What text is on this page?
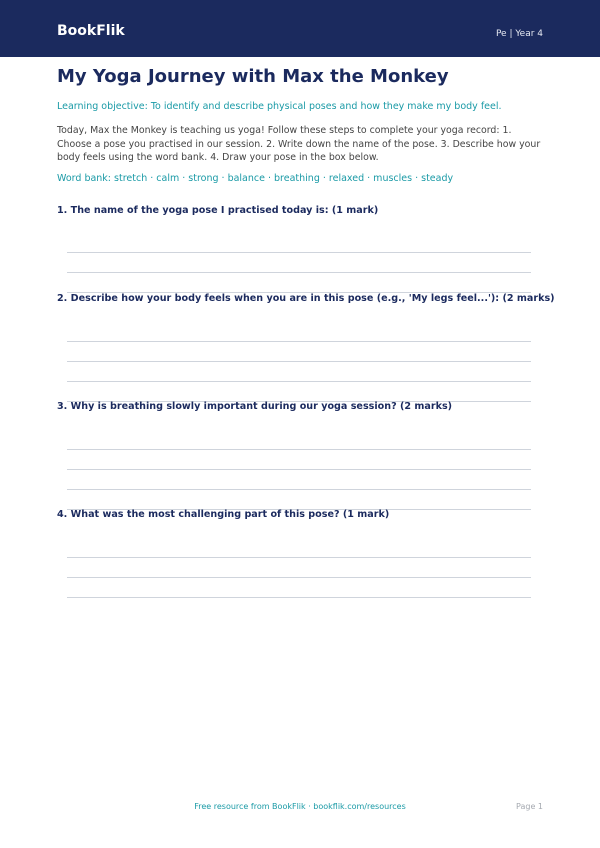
BookFlik	Pe | Year 4
My Yoga Journey with Max the Monkey
Learning objective: To identify and describe physical poses and how they make my body feel.
Today, Max the Monkey is teaching us yoga! Follow these steps to complete your yoga record: 1. Choose a pose you practised in our session. 2. Write down the name of the pose. 3. Describe how your body feels using the word bank. 4. Draw your pose in the box below.
Word bank: stretch · calm · strong · balance · breathing · relaxed · muscles · steady
1. The name of the yoga pose I practised today is: (1 mark)
2. Describe how your body feels when you are in this pose (e.g., 'My legs feel...'): (2 marks)
3. Why is breathing slowly important during our yoga session? (2 marks)
4. What was the most challenging part of this pose? (1 mark)
Free resource from BookFlik · bookflik.com/resources	Page 1
